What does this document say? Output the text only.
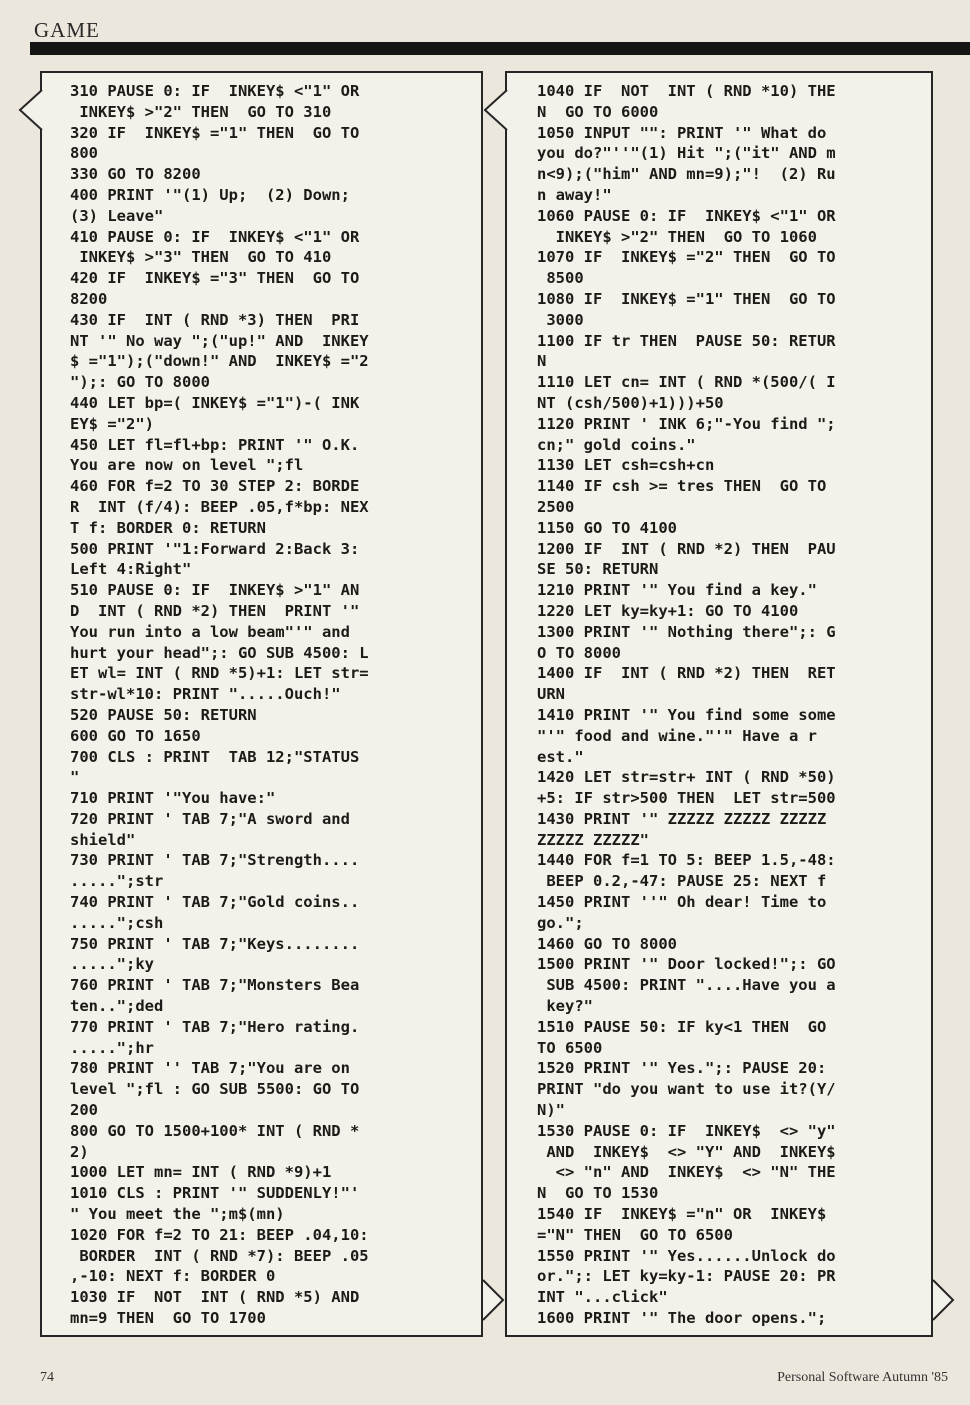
GAME
310 PAUSE 0: IF  INKEY$ <"1" OR
INKEY$ >"2" THEN  GO TO 310
320 IF  INKEY$ ="1" THEN  GO TO
800
330 GO TO 8200
400 PRINT '"(1) Up;  (2) Down;
(3) Leave"
410 PAUSE 0: IF  INKEY$ <"1" OR
INKEY$ >"3" THEN  GO TO 410
420 IF  INKEY$ ="3" THEN  GO TO
8200
430 IF  INT ( RND *3) THEN  PRI
NT '" No way ";("up!" AND  INKEY
$ ="1");("down!" AND  INKEY$ ="2
");: GO TO 8000
440 LET bp=( INKEY$ ="1")-( INK
EY$ ="2")
450 LET fl=fl+bp: PRINT '" O.K.
You are now on level ";fl
460 FOR f=2 TO 30 STEP 2: BORDE
R  INT (f/4): BEEP .05,f*bp: NEX
T f: BORDER 0: RETURN
500 PRINT '"1:Forward 2:Back 3:
Left 4:Right"
510 PAUSE 0: IF  INKEY$ >"1" AN
D  INT ( RND *2) THEN  PRINT '"
You run into a low beam"'" and
hurt your head";: GO SUB 4500: L
ET wl= INT ( RND *5)+1: LET str=
str-wl*10: PRINT ".....Ouch!"
520 PAUSE 50: RETURN
600 GO TO 1650
700 CLS : PRINT  TAB 12;"STATUS
"
710 PRINT '"You have:"
720 PRINT ' TAB 7;"A sword and
shield"
730 PRINT ' TAB 7;"Strength....
.....";str
740 PRINT ' TAB 7;"Gold coins..
.....";csh
750 PRINT ' TAB 7;"Keys........
.....";ky
760 PRINT ' TAB 7;"Monsters Bea
ten..";ded
770 PRINT ' TAB 7;"Hero rating.
.....";hr
780 PRINT '' TAB 7;"You are on
level ";fl : GO SUB 5500: GO TO
200
800 GO TO 1500+100* INT ( RND *
2)
1000 LET mn= INT ( RND *9)+1
1010 CLS : PRINT '" SUDDENLY!"'
" You meet the ";m$(mn)
1020 FOR f=2 TO 21: BEEP .04,10:
BORDER  INT ( RND *7): BEEP .05
,-10: NEXT f: BORDER 0
1030 IF  NOT  INT ( RND *5) AND
mn=9 THEN  GO TO 1700
1040 IF  NOT  INT ( RND *10) THE
N  GO TO 6000
1050 INPUT "": PRINT '" What do
you do?"''"(1) Hit ";("it" AND m
n<9);("him" AND mn=9);"!  (2) Ru
n away!"
1060 PAUSE 0: IF  INKEY$ <"1" OR
INKEY$ >"2" THEN  GO TO 1060
1070 IF  INKEY$ ="2" THEN  GO TO
8500
1080 IF  INKEY$ ="1" THEN  GO TO
3000
1100 IF tr THEN  PAUSE 50: RETUR
N
1110 LET cn= INT ( RND *(500/( I
NT (csh/500)+1)))+50
1120 PRINT ' INK 6;"-You find ";
cn;" gold coins."
1130 LET csh=csh+cn
1140 IF csh >= tres THEN  GO TO
2500
1150 GO TO 4100
1200 IF  INT ( RND *2) THEN  PAU
SE 50: RETURN
1210 PRINT '" You find a key."
1220 LET ky=ky+1: GO TO 4100
1300 PRINT '" Nothing there";: G
O TO 8000
1400 IF  INT ( RND *2) THEN  RET
URN
1410 PRINT '" You find some some
"'" food and wine."'" Have a r
est."
1420 LET str=str+ INT ( RND *50)
+5: IF str>500 THEN  LET str=500
1430 PRINT '" ZZZZZ ZZZZZ ZZZZZ
ZZZZZ ZZZZZ"
1440 FOR f=1 TO 5: BEEP 1.5,-48:
BEEP 0.2,-47: PAUSE 25: NEXT f
1450 PRINT ''" Oh dear! Time to
go.";
1460 GO TO 8000
1500 PRINT '" Door locked!";: GO
SUB 4500: PRINT "....Have you a
key?"
1510 PAUSE 50: IF ky<1 THEN  GO
TO 6500
1520 PRINT '" Yes.";: PAUSE 20:
PRINT "do you want to use it?(Y/
N)"
1530 PAUSE 0: IF  INKEY$  <> "y"
AND  INKEY$  <> "Y" AND  INKEY$
<> "n" AND  INKEY$  <> "N" THE
N  GO TO 1530
1540 IF  INKEY$ ="n" OR  INKEY$
="N" THEN  GO TO 6500
1550 PRINT '" Yes......Unlock do
or.";: LET ky=ky-1: PAUSE 20: PR
INT "...click"
1600 PRINT '" The door opens.";
74	Personal Software Autumn '85
